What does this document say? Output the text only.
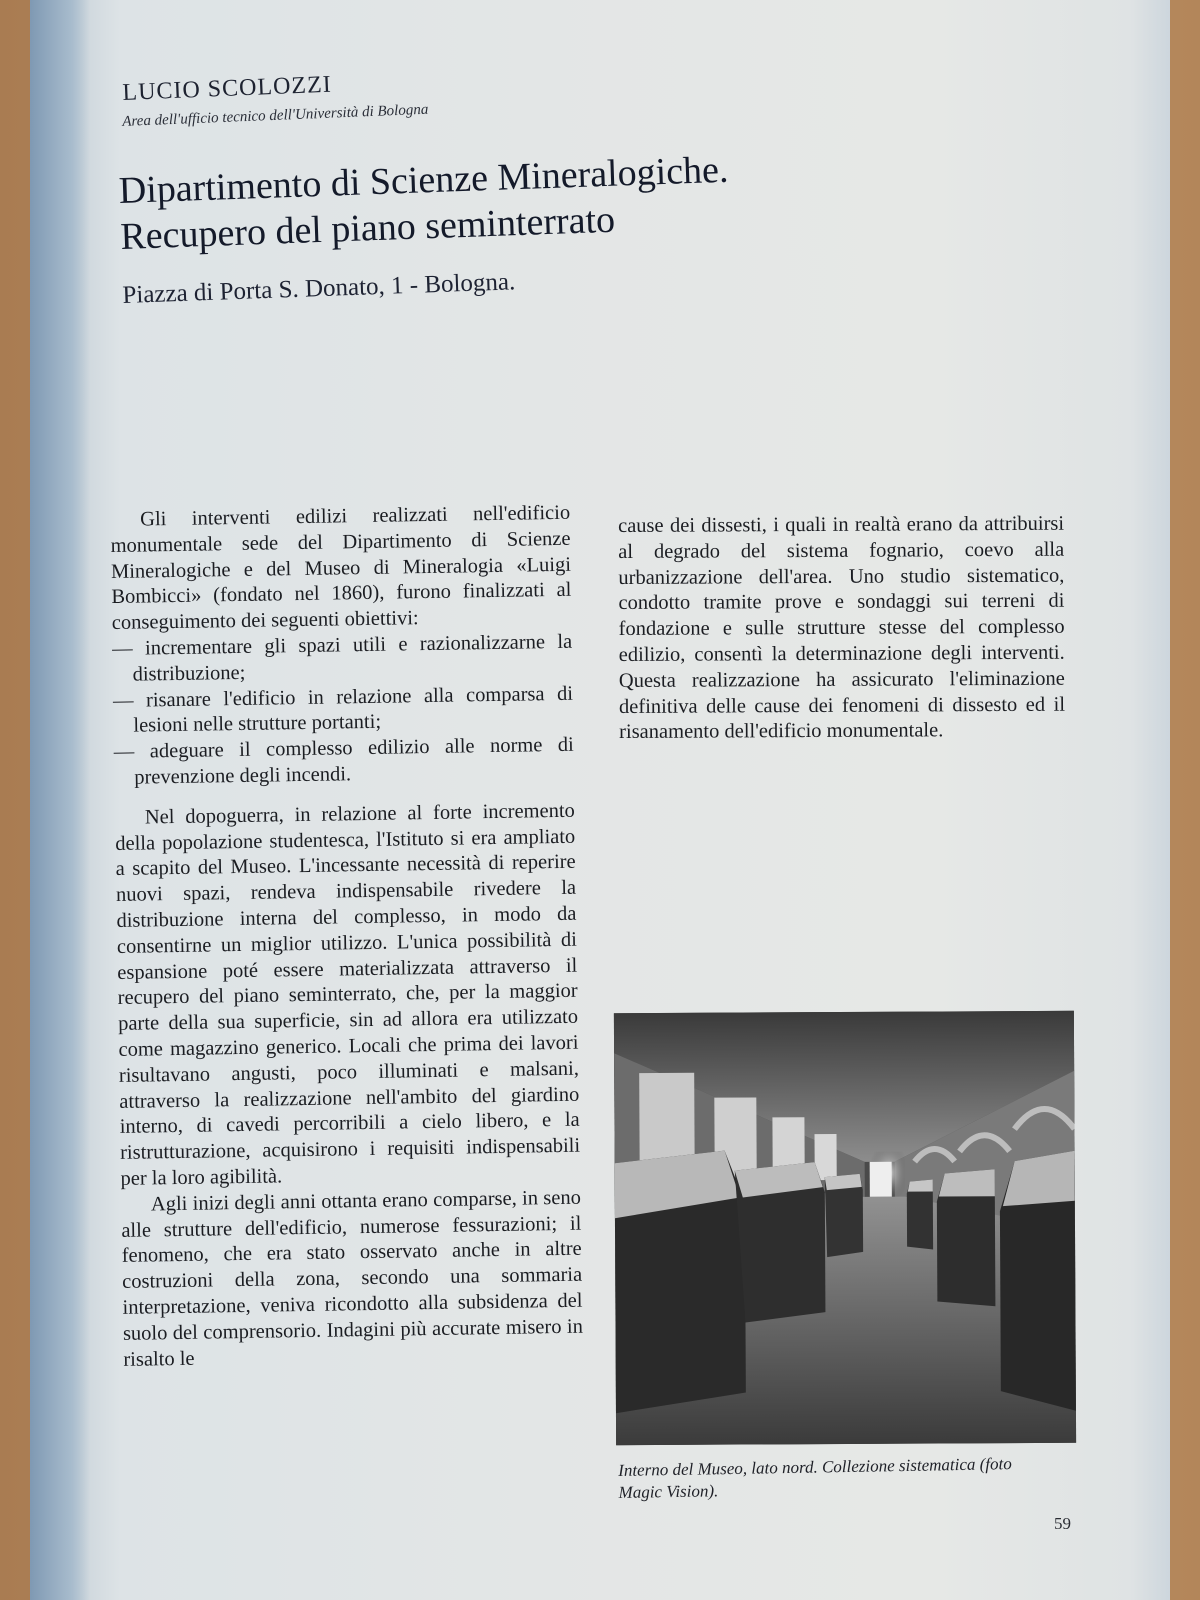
LUCIO SCOLOZZI
Area dell'ufficio tecnico dell'Università di Bologna
Dipartimento di Scienze Mineralogiche.
Recupero del piano seminterrato
Piazza di Porta S. Donato, 1 - Bologna.

Gli interventi edilizi realizzati nell'edificio monumentale sede del Dipartimento di Scienze Mineralogiche e del Museo di Mineralogia «Luigi Bombicci» (fondato nel 1860), furono finalizzati al conseguimento dei seguenti obiettivi:

— incrementare gli spazi utili e razionalizzarne la distribuzione;

— risanare l'edificio in relazione alla comparsa di lesioni nelle strutture portanti;

— adeguare il complesso edilizio alle norme di prevenzione degli incendi.

Nel dopoguerra, in relazione al forte incremento della popolazione studentesca, l'Istituto si era ampliato a scapito del Museo. L'incessante necessità di reperire nuovi spazi, rendeva indispensabile rivedere la distribuzione interna del complesso, in modo da consentirne un miglior utilizzo. L'unica possibilità di espansione poté essere materializzata attraverso il recupero del piano seminterrato, che, per la maggior parte della sua superficie, sin ad allora era utilizzato come magazzino generico. Locali che prima dei lavori risultavano angusti, poco illuminati e malsani, attraverso la realizzazione nell'ambito del giardino interno, di cavedi percorribili a cielo libero, e la ristrutturazione, acquisirono i requisiti indispensabili per la loro agibilità.

Agli inizi degli anni ottanta erano comparse, in seno alle strutture dell'edificio, numerose fessurazioni; il fenomeno, che era stato osservato anche in altre costruzioni della zona, secondo una sommaria interpretazione, veniva ricondotto alla subsidenza del suolo del comprensorio. Indagini più accurate misero in risalto le

cause dei dissesti, i quali in realtà erano da attribuirsi al degrado del sistema fognario, coevo alla urbanizzazione dell'area. Uno studio sistematico, condotto tramite prove e sondaggi sui terreni di fondazione e sulle strutture stesse del complesso edilizio, consentì la determinazione degli interventi. Questa realizzazione ha assicurato l'eliminazione definitiva delle cause dei fenomeni di dissesto ed il risanamento dell'edificio monumentale.

Interno del Museo, lato nord. Collezione sistematica (foto Magic Vision).
59
